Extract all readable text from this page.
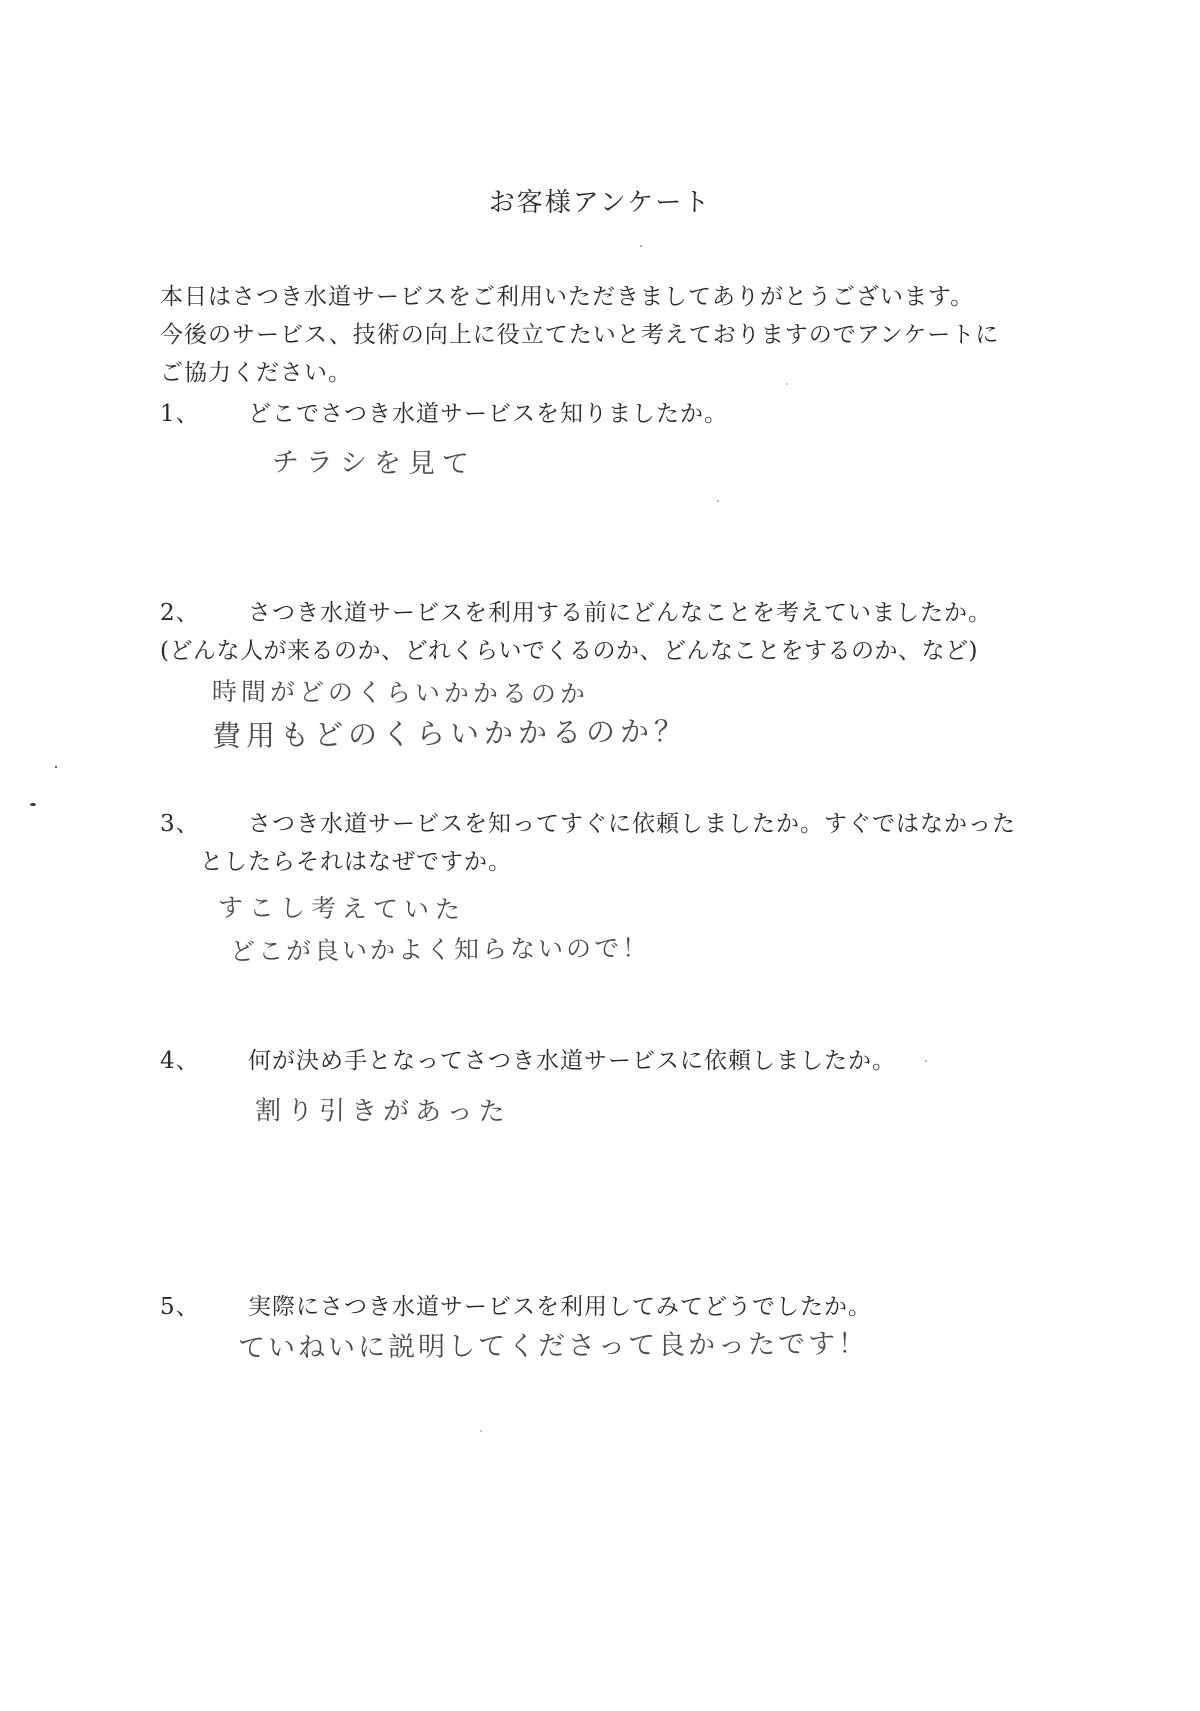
お客様アンケート
本日はさつき水道サービスをご利用いただきましてありがとうございます。
今後のサービス、技術の向上に役立てたいと考えておりますのでアンケートに
ご協力ください。
1、 どこでさつき水道サービスを知りましたか。
チラシを見て
2、 さつき水道サービスを利用する前にどんなことを考えていましたか。
(どんな人が来るのか、どれくらいでくるのか、どんなことをするのか、など)
時間がどのくらいかかるのか
費用もどのくらいかかるのか？
3、 さつき水道サービスを知ってすぐに依頼しましたか。すぐではなかった
としたらそれはなぜですか。
すこし考えていた
どこが良いかよく知らないので！
4、 何が決め手となってさつき水道サービスに依頼しましたか。
割り引きがあった
5、 実際にさつき水道サービスを利用してみてどうでしたか。
ていねいに説明してくださって良かったです！
